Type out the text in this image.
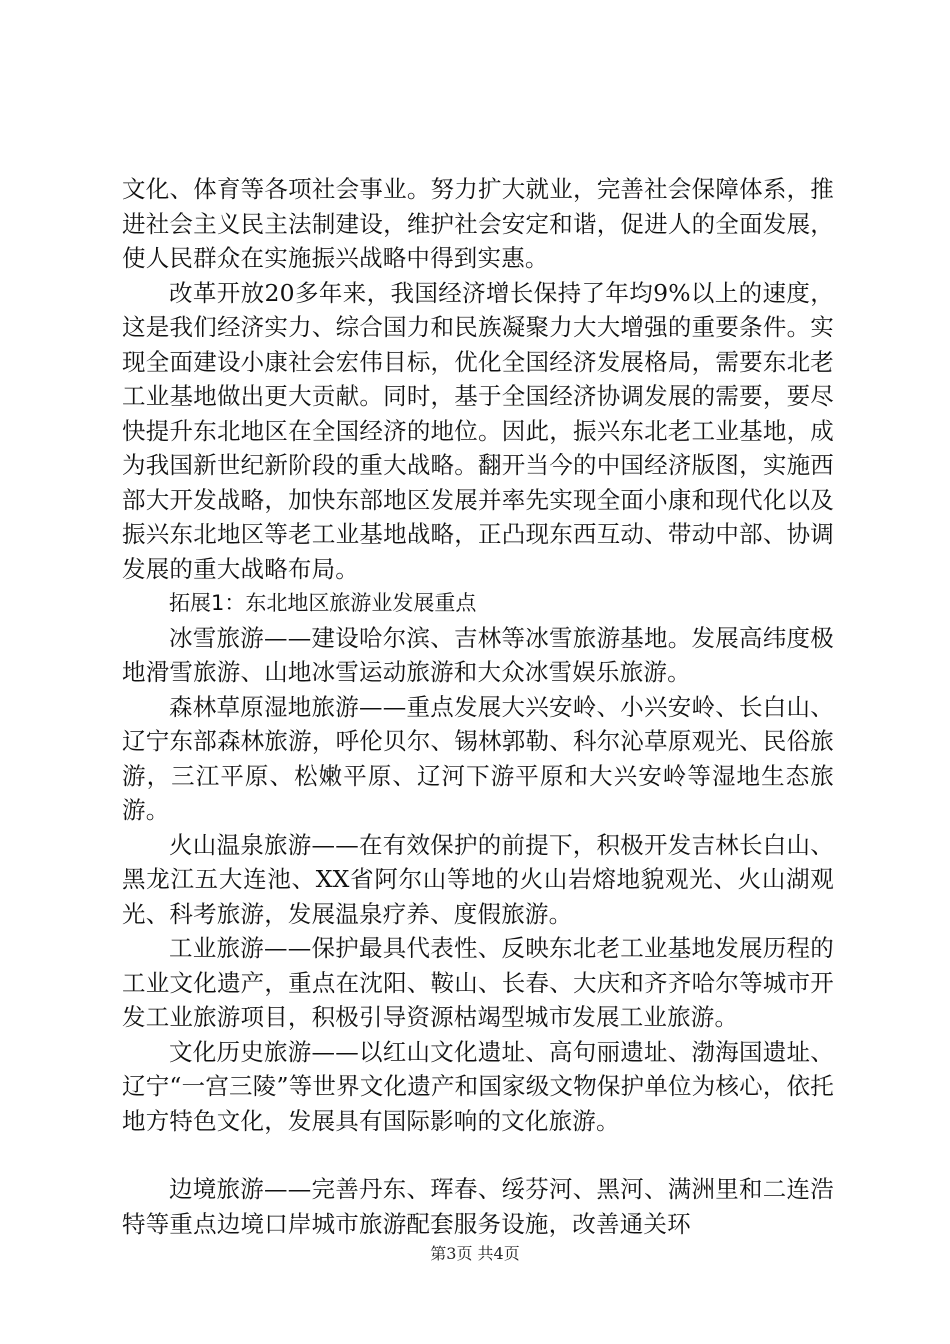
文化、体育等各项社会事业。努力扩大就业，完善社会保障体系，推进社会主义民主法制建设，维护社会安定和谐，促进人的全面发展，使人民群众在实施振兴战略中得到实惠。

改革开放20多年来，我国经济增长保持了年均9%以上的速度，这是我们经济实力、综合国力和民族凝聚力大大增强的重要条件。实现全面建设小康社会宏伟目标，优化全国经济发展格局，需要东北老工业基地做出更大贡献。同时，基于全国经济协调发展的需要，要尽快提升东北地区在全国经济的地位。因此，振兴东北老工业基地，成为我国新世纪新阶段的重大战略。翻开当今的中国经济版图，实施西部大开发战略，加快东部地区发展并率先实现全面小康和现代化以及振兴东北地区等老工业基地战略，正凸现东西互动、带动中部、协调发展的重大战略布局。

拓展1：东北地区旅游业发展重点

冰雪旅游——建设哈尔滨、吉林等冰雪旅游基地。发展高纬度极地滑雪旅游、山地冰雪运动旅游和大众冰雪娱乐旅游。

森林草原湿地旅游——重点发展大兴安岭、小兴安岭、长白山、辽宁东部森林旅游，呼伦贝尔、锡林郭勒、科尔沁草原观光、民俗旅游，三江平原、松嫩平原、辽河下游平原和大兴安岭等湿地生态旅游。

火山温泉旅游——在有效保护的前提下，积极开发吉林长白山、黑龙江五大连池、XX省阿尔山等地的火山岩熔地貌观光、火山湖观光、科考旅游，发展温泉疗养、度假旅游。

工业旅游——保护最具代表性、反映东北老工业基地发展历程的工业文化遗产，重点在沈阳、鞍山、长春、大庆和齐齐哈尔等城市开发工业旅游项目，积极引导资源枯竭型城市发展工业旅游。

文化历史旅游——以红山文化遗址、高句丽遗址、渤海国遗址、辽宁“一宫三陵”等世界文化遗产和国家级文物保护单位为核心，依托地方特色文化，发展具有国际影响的文化旅游。

边境旅游——完善丹东、珲春、绥芬河、黑河、满洲里和二连浩特等重点边境口岸城市旅游配套服务设施，改善通关环

第3页 共4页
